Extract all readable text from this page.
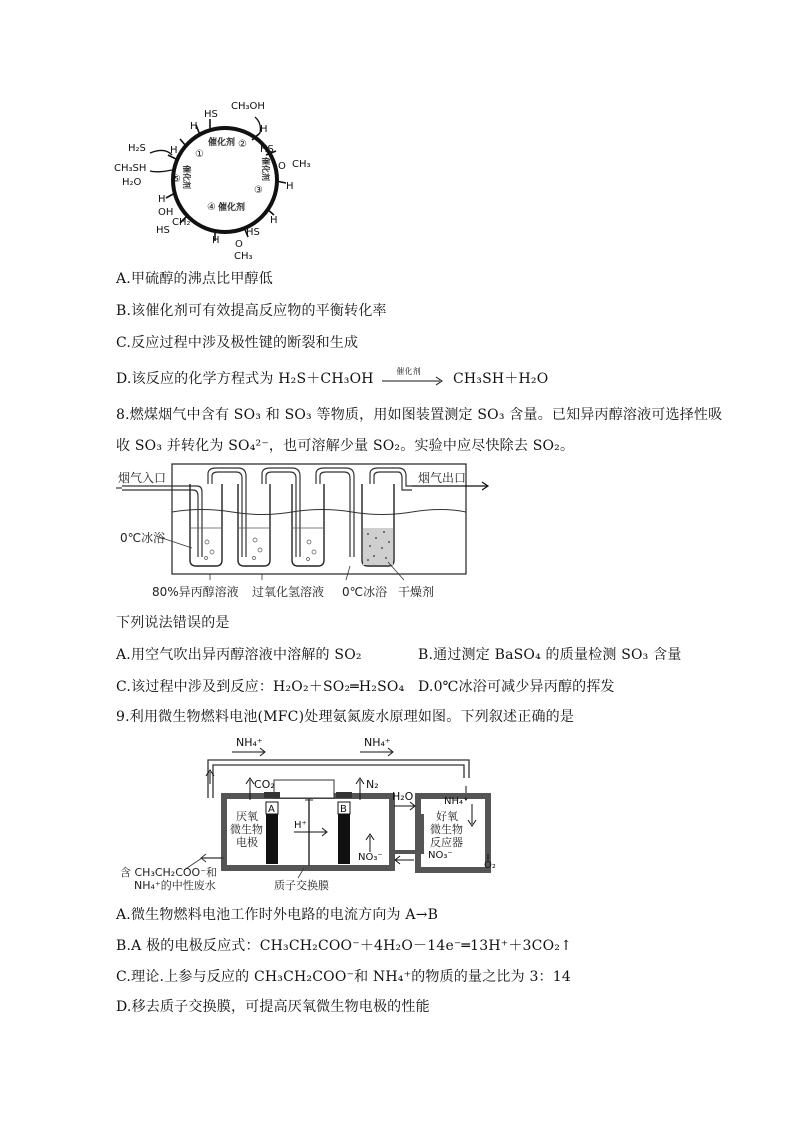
催化剂
催化剂
催化剂	催化剂
①
②
③
④
⑤
CH₃OH
HS
H
H₂S
H
HS
O CH₃
H
H
HS
O
CH₃
H
CH₂
HS
OH
H
CH₃SH
H₂O
H
A.甲硫醇的沸点比甲醇低
B.该催化剂可有效提高反应物的平衡转化率
C.反应过程中涉及极性键的断裂和生成
D.该反应的化学方程式为 H₂S＋CH₃OH	催化剂 CH₃SH＋H₂O
8.燃煤烟气中含有 SO₃ 和 SO₃ 等物质，用如图装置测定 SO₃ 含量。已知异丙醇溶液可选择性吸
收 SO₃ 并转化为 SO₄²⁻，也可溶解少量 SO₂。实验中应尽快除去 SO₂。
烟气入口	烟气出口
0℃冰浴
80%异丙醇溶液 过氧化氢溶液 0℃冰浴 干燥剂
下列说法错误的是
A.用空气吹出异丙醇溶液中溶解的 SO₂	B.通过测定 BaSO₄ 的质量检测 SO₃ 含量
C.该过程中涉及到反应：H₂O₂＋SO₂═H₂SO₄ D.0℃冰浴可减少异丙醇的挥发
9.利用微生物燃料电池(MFC)处理氨氮废水原理如图。下列叙述正确的是
NH₄⁺	NH₄⁺
CO₂	N₂
H₂O
A	B
H⁺
NO₃⁻	NO₃⁻
NH₄⁺
O₂
厌氧
微生物
电极
好氧
微生物
反应器
含 CH₃CH₂COO⁻和
NH₄⁺的中性废水	质子交换膜
A.微生物燃料电池工作时外电路的电流方向为 A→B
B.A 极的电极反应式：CH₃CH₂COO⁻＋4H₂O－14e⁻═13H⁺＋3CO₂↑
C.理论.上参与反应的 CH₃CH₂COO⁻和 NH₄⁺的物质的量之比为 3：14
D.移去质子交换膜，可提高厌氧微生物电极的性能
